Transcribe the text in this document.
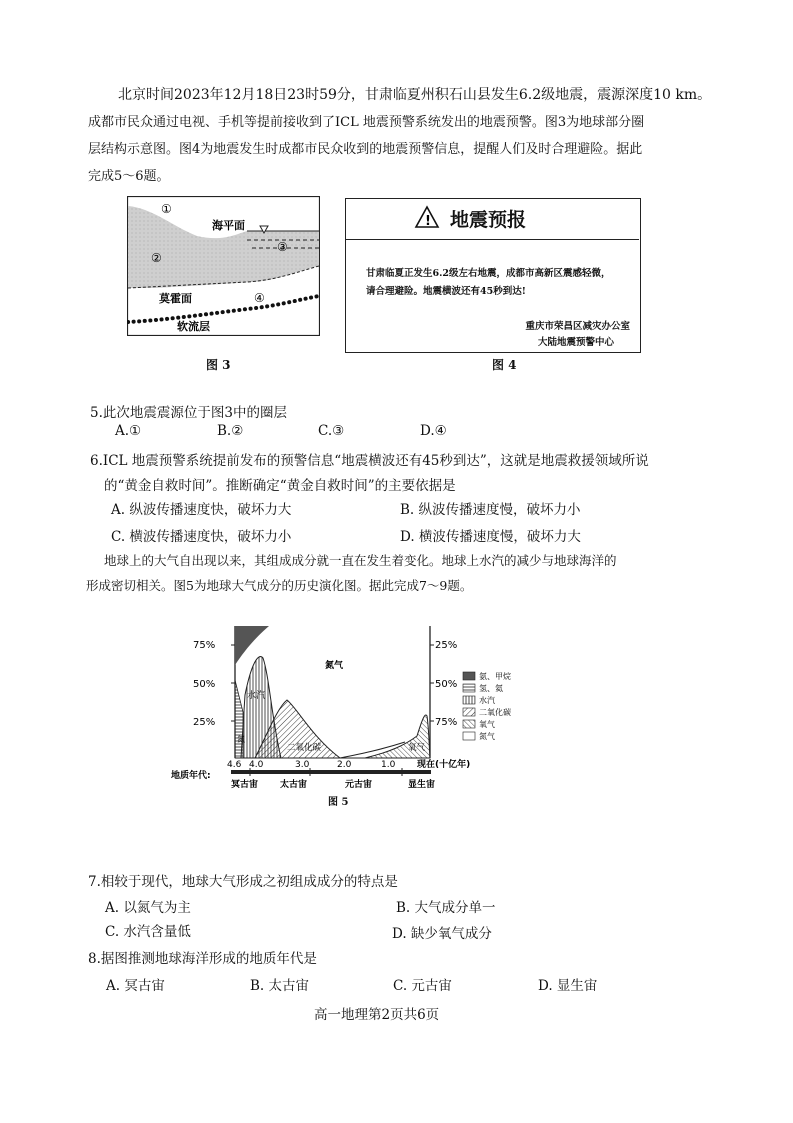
北京时间2023年12月18日23时59分，甘肃临夏州积石山县发生6.2级地震，震源深度10 km。
成都市民众通过电视、手机等提前接收到了ICL 地震预警系统发出的地震预警。图3为地球部分圈
层结构示意图。图4为地震发生时成都市民众收到的地震预警信息，提醒人们及时合理避险。据此
完成5～6题。
①
海平面
③
②
莫霍面	④
软流层
图 3
! 地震预报
甘肃临夏正发生6.2级左右地震，成都市高新区震感轻微，
请合理避险。地震横波还有45秒到达!
重庆市荣昌区减灾办公室
大陆地震预警中心
图 4
5.此次地震震源位于图3中的圈层
A.①	B.②	C.③	D.④
6.ICL 地震预警系统提前发布的预警信息“地震横波还有45秒到达”，这就是地震救援领域所说
的“黄金自救时间”。推断确定“黄金自救时间”的主要依据是
A. 纵波传播速度快，破坏力大	B. 纵波传播速度慢，破坏力小
C. 横波传播速度快，破坏力小	D. 横波传播速度慢，破坏力大
地球上的大气自出现以来，其组成成分就一直在发生着变化。地球上水汽的减少与地球海洋的
形成密切相关。图5为地球大气成分的历史演化图。据此完成7～9题。
75%
50%
25%
25%
50%
75%
氮气
水汽
二氧化碳	氧气
氮
4.6 4.0	3.0	2.0	1.0 现在(十亿年)
地质年代:
冥古宙 太古宙	元古宙	显生宙
氨、甲烷
氢、氦
水汽
二氧化碳
氧气
氮气
图 5
7.相较于现代，地球大气形成之初组成成分的特点是
A. 以氮气为主	B. 大气成分单一
C. 水汽含量低	D. 缺少氧气成分
8.据图推测地球海洋形成的地质年代是
A. 冥古宙	B. 太古宙	C. 元古宙	D. 显生宙
高一地理第2页共6页
